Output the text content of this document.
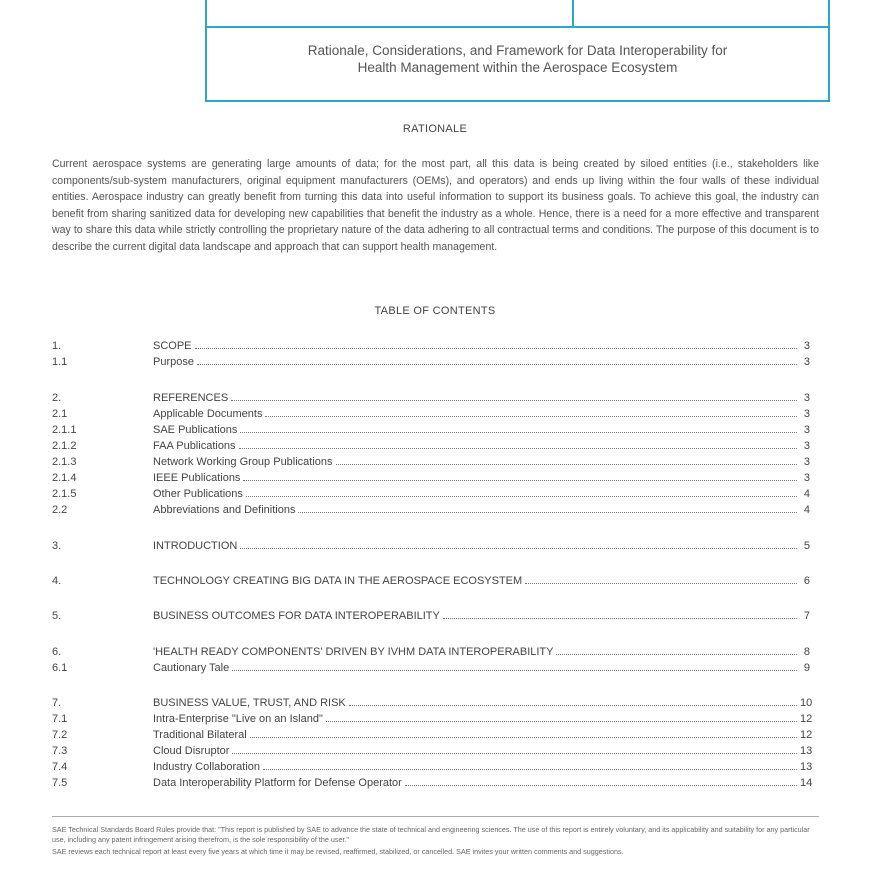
Rationale, Considerations, and Framework for Data Interoperability for
Health Management within the Aerospace Ecosystem
RATIONALE
Current aerospace systems are generating large amounts of data; for the most part, all this data is being created by siloed entities (i.e., stakeholders like components/sub-system manufacturers, original equipment manufacturers (OEMs), and operators) and ends up living within the four walls of these individual entities. Aerospace industry can greatly benefit from turning this data into useful information to support its business goals. To achieve this goal, the industry can benefit from sharing sanitized data for developing new capabilities that benefit the industry as a whole. Hence, there is a need for a more effective and transparent way to share this data while strictly controlling the proprietary nature of the data adhering to all contractual terms and conditions. The purpose of this document is to describe the current digital data landscape and approach that can support health management.
TABLE OF CONTENTS
1.	SCOPE	3
1.1	Purpose	3
2.	REFERENCES	3
2.1	Applicable Documents	3
2.1.1	SAE Publications	3
2.1.2	FAA Publications	3
2.1.3	Network Working Group Publications	3
2.1.4	IEEE Publications	3
2.1.5	Other Publications	4
2.2	Abbreviations and Definitions	4
3.	INTRODUCTION	5
4.	TECHNOLOGY CREATING BIG DATA IN THE AEROSPACE ECOSYSTEM	6
5.	BUSINESS OUTCOMES FOR DATA INTEROPERABILITY	7
6.	'HEALTH READY COMPONENTS' DRIVEN BY IVHM DATA INTEROPERABILITY	8
6.1	Cautionary Tale	9
7.	BUSINESS VALUE, TRUST, AND RISK	10
7.1	Intra-Enterprise "Live on an Island"	12
7.2	Traditional Bilateral	12
7.3	Cloud Disruptor	13
7.4	Industry Collaboration	13
7.5	Data Interoperability Platform for Defense Operator	14

SAE Technical Standards Board Rules provide that: "This report is published by SAE to advance the state of technical and engineering sciences. The use of this report is entirely voluntary, and its applicability and suitability for any particular use, including any patent infringement arising therefrom, is the sole responsibility of the user."

SAE reviews each technical report at least every five years at which time it may be revised, reaffirmed, stabilized, or cancelled. SAE invites your written comments and suggestions.
